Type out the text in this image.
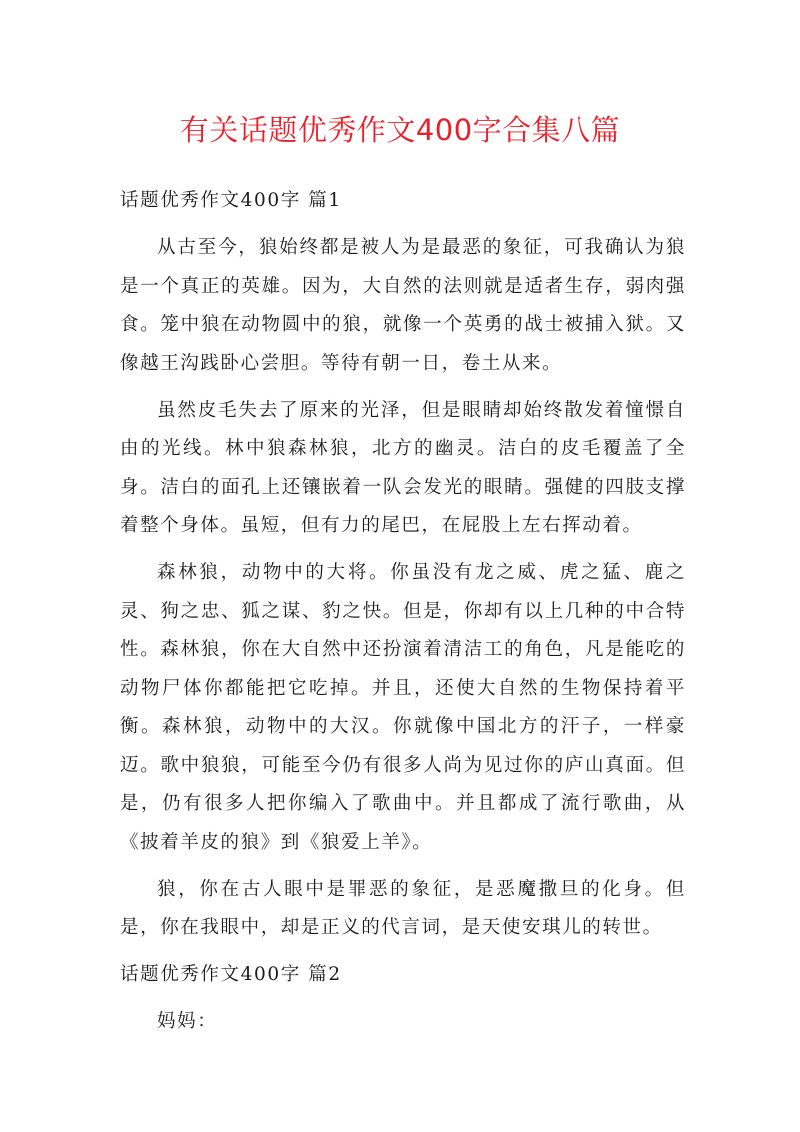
有关话题优秀作文400字合集八篇

话题优秀作文400字 篇1

从古至今，狼始终都是被人为是最恶的象征，可我确认为狼是一个真正的英雄。因为，大自然的法则就是适者生存，弱肉强食。笼中狼在动物圆中的狼，就像一个英勇的战士被捕入狱。又像越王沟践卧心尝胆。等待有朝一日，卷土从来。

虽然皮毛失去了原来的光泽，但是眼睛却始终散发着憧憬自由的光线。林中狼森林狼，北方的幽灵。洁白的皮毛覆盖了全身。洁白的面孔上还镶嵌着一队会发光的眼睛。强健的四肢支撑着整个身体。虽短，但有力的尾巴，在屁股上左右挥动着。

森林狼，动物中的大将。你虽没有龙之威、虎之猛、鹿之灵、狗之忠、狐之谋、豹之快。但是，你却有以上几种的中合特性。森林狼，你在大自然中还扮演着清洁工的角色，凡是能吃的动物尸体你都能把它吃掉。并且，还使大自然的生物保持着平衡。森林狼，动物中的大汉。你就像中国北方的汗子，一样豪迈。歌中狼狼，可能至今仍有很多人尚为见过你的庐山真面。但是，仍有很多人把你编入了歌曲中。并且都成了流行歌曲，从《披着羊皮的狼》到《狼爱上羊》。

狼，你在古人眼中是罪恶的象征，是恶魔撒旦的化身。但是，你在我眼中，却是正义的代言词，是天使安琪儿的转世。

话题优秀作文400字 篇2

妈妈：
